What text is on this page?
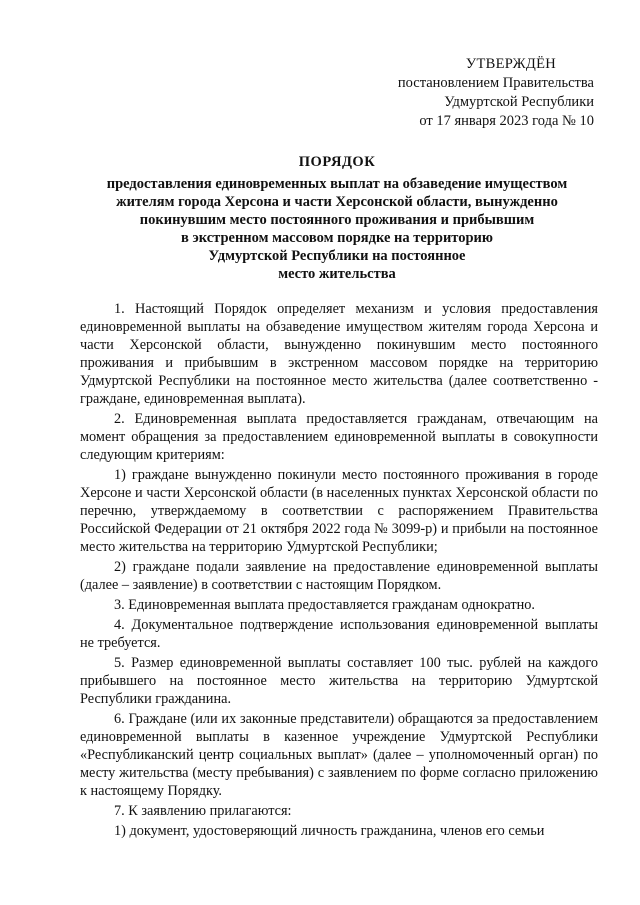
УТВЕРЖДЁН
постановлением Правительства
Удмуртской Республики
от 17 января 2023 года № 10
ПОРЯДОК
предоставления единовременных выплат на обзаведение имуществом
жителям города Херсона и части Херсонской области, вынужденно
покинувшим место постоянного проживания и прибывшим
в экстренном массовом порядке на территорию
Удмуртской Республики на постоянное
место жительства

1. Настоящий Порядок определяет механизм и условия предоставления единовременной выплаты на обзаведение имуществом жителям города Херсона и части Херсонской области, вынужденно покинувшим место постоянного проживания и прибывшим в экстренном массовом порядке на территорию Удмуртской Республики на постоянное место жительства (далее соответственно - граждане, единовременная выплата).

2. Единовременная выплата предоставляется гражданам, отвечающим на момент обращения за предоставлением единовременной выплаты в совокупности следующим критериям:

1) граждане вынужденно покинули место постоянного проживания в городе Херсоне и части Херсонской области (в населенных пунктах Херсонской области по перечню, утверждаемому в соответствии с распоряжением Правительства Российской Федерации от 21 октября 2022 года № 3099-р) и прибыли на постоянное место жительства на территорию Удмуртской Республики;

2) граждане подали заявление на предоставление единовременной выплаты (далее – заявление) в соответствии с настоящим Порядком.

3. Единовременная выплата предоставляется гражданам однократно.

4. Документальное подтверждение использования единовременной выплаты не требуется.

5. Размер единовременной выплаты составляет 100 тыс. рублей на каждого прибывшего на постоянное место жительства на территорию Удмуртской Республики гражданина.

6. Граждане (или их законные представители) обращаются за предоставлением единовременной выплаты в казенное учреждение Удмуртской Республики «Республиканский центр социальных выплат» (далее – уполномоченный орган) по месту жительства (месту пребывания) с заявлением по форме согласно приложению к настоящему Порядку.

7. К заявлению прилагаются:

1) документ, удостоверяющий личность гражданина, членов его семьи
